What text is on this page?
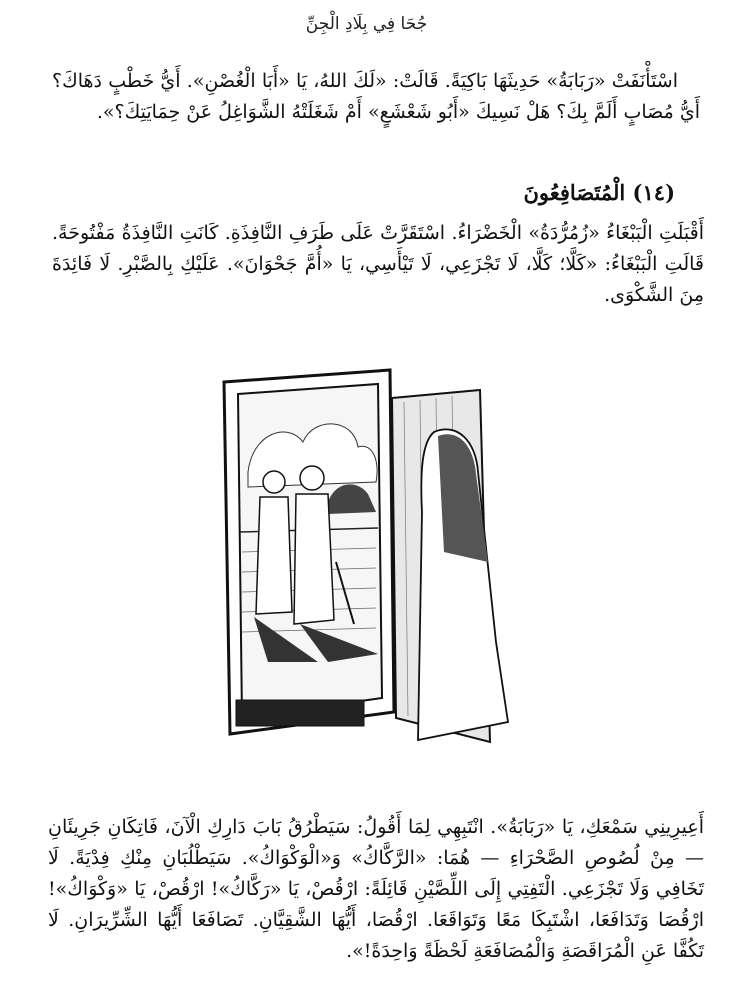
جُحَا فِي بِلَادِ الْجِنِّ

اسْتَأْنَفَتْ «رَبَابَةُ» حَدِيثَهَا بَاكِيَةً. قَالَتْ: «لَكَ اللهُ، يَا «أَبَا الْغُصْنِ». أَيُّ خَطْبٍ دَهَاكَ؟ أَيُّ مُصَابٍ أَلَمَّ بِكَ؟ هَلْ نَسِيكَ «أَبُو شَعْشَعٍ» أَمْ شَغَلَتْهُ الشَّوَاغِلُ عَنْ حِمَايَتِكَ؟».

(١٤) الْمُتَصَافِعُونَ

أَقْبَلَتِ الْبَبْغَاءُ «زُمُرُّدَةُ» الْخَضْرَاءُ. اسْتَقَرَّتْ عَلَى طَرَفِ النَّافِذَةِ. كَانَتِ النَّافِذَةُ مَفْتُوحَةً. قَالَتِ الْبَبْغَاءُ: «كَلَّا؛ كَلَّا، لَا تَجْزَعِي، لَا تَيْأَسِي، يَا «أُمَّ جَحْوَانَ». عَلَيْكِ بِالصَّبْرِ. لَا فَائِدَةَ مِنَ الشَّكْوَى.

أَعِيرِينِي سَمْعَكِ، يَا «رَبَابَةُ». انْتَبِهِي لِمَا أَقُولُ: سَيَطْرُقُ بَابَ دَارِكِ الْآنَ، فَاتِكَانِ جَرِيئَانِ — مِنْ لُصُوصِ الصَّحْرَاءِ — هُمَا: «الرَّكَّاكُ» وَ«الْوَكْوَاكُ». سَيَطْلُبَانِ مِنْكِ فِدْيَةً. لَا تَخَافِي وَلَا تَجْزَعِي. الْتَفِتِي إِلَى اللِّصَّيْنِ قَائِلَةً: ارْقُصْ، يَا «رَكَّاكُ»! ارْقُصْ، يَا «وَكْوَاكُ»! ارْقُصَا وَتَدَافَعَا، اشْتَبِكَا مَعًا وَتَوَاقَعَا. ارْقُصَا، أَيُّهَا الشَّقِيَّانِ. تَصَافَعَا أَيُّهَا الشِّرِّيرَانِ. لَا تَكُفَّا عَنِ الْمُرَاقَصَةِ وَالْمُصَافَعَةِ لَحْظَةً وَاحِدَةً!».
